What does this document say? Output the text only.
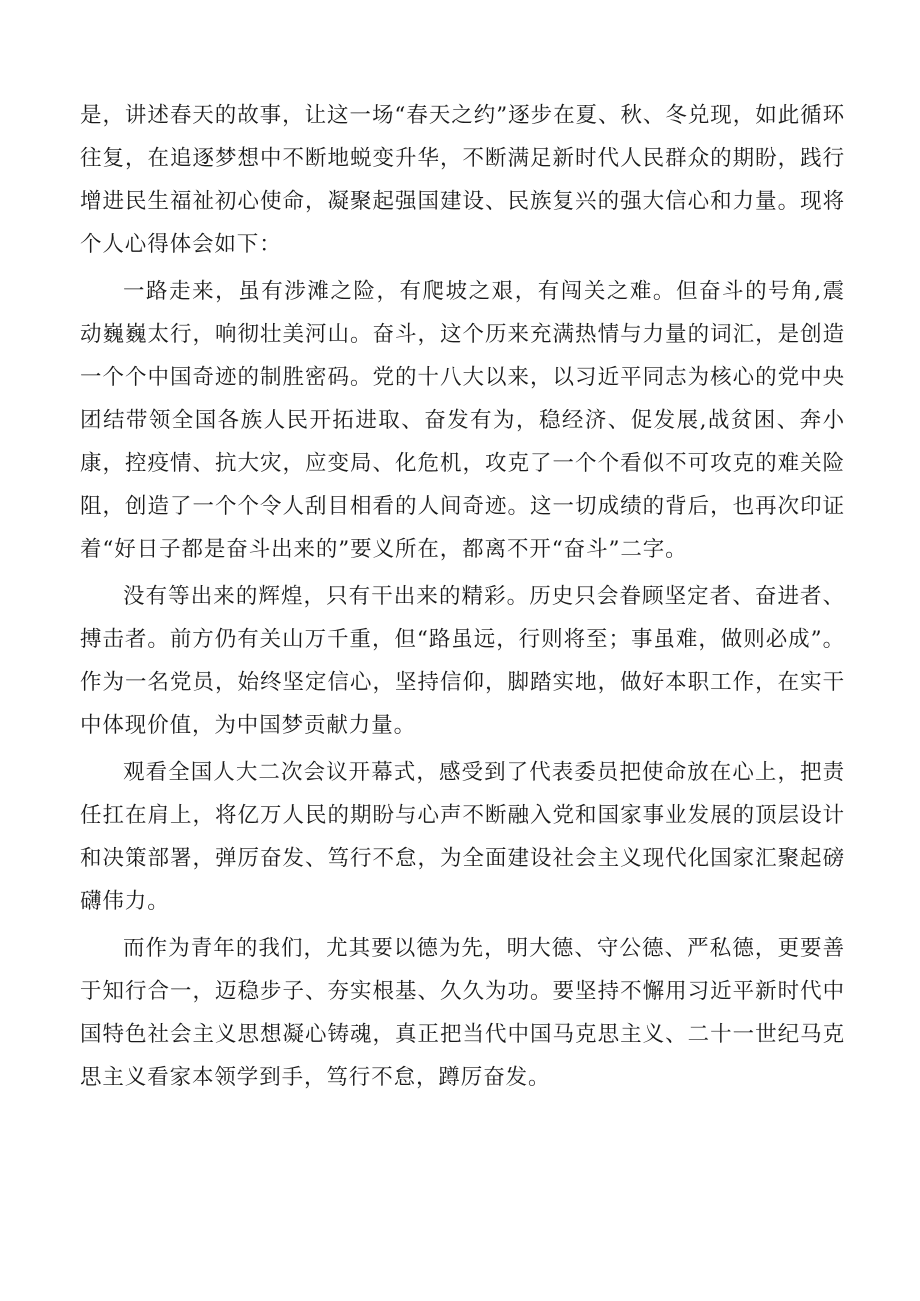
是，讲述春天的故事，让这一场“春天之约”逐步在夏、秋、冬兑现，如此循环往复，在追逐梦想中不断地蜕变升华，不断满足新时代人民群众的期盼，践行增进民生福祉初心使命，凝聚起强国建设、民族复兴的强大信心和力量。现将个人心得体会如下：

一路走来，虽有涉滩之险，有爬坡之艰，有闯关之难。但奋斗的号角,震动巍巍太行，响彻壮美河山。奋斗，这个历来充满热情与力量的词汇，是创造一个个中国奇迹的制胜密码。党的十八大以来，以习近平同志为核心的党中央团结带领全国各族人民开拓进取、奋发有为，稳经济、促发展,战贫困、奔小康，控疫情、抗大灾，应变局、化危机，攻克了一个个看似不可攻克的难关险阻，创造了一个个令人刮目相看的人间奇迹。这一切成绩的背后，也再次印证着“好日子都是奋斗出来的”要义所在，都离不开“奋斗”二字。

没有等出来的辉煌，只有干出来的精彩。历史只会眷顾坚定者、奋进者、搏击者。前方仍有关山万千重，但“路虽远，行则将至；事虽难，做则必成”。作为一名党员，始终坚定信心，坚持信仰，脚踏实地，做好本职工作，在实干中体现价值，为中国梦贡献力量。

观看全国人大二次会议开幕式，感受到了代表委员把使命放在心上，把责任扛在肩上，将亿万人民的期盼与心声不断融入党和国家事业发展的顶层设计和决策部署，弹厉奋发、笃行不怠，为全面建设社会主义现代化国家汇聚起磅礴伟力。

而作为青年的我们，尤其要以德为先，明大德、守公德、严私德，更要善于知行合一，迈稳步子、夯实根基、久久为功。要坚持不懈用习近平新时代中国特色社会主义思想凝心铸魂，真正把当代中国马克思主义、二十一世纪马克思主义看家本领学到手，笃行不怠，蹲厉奋发。
